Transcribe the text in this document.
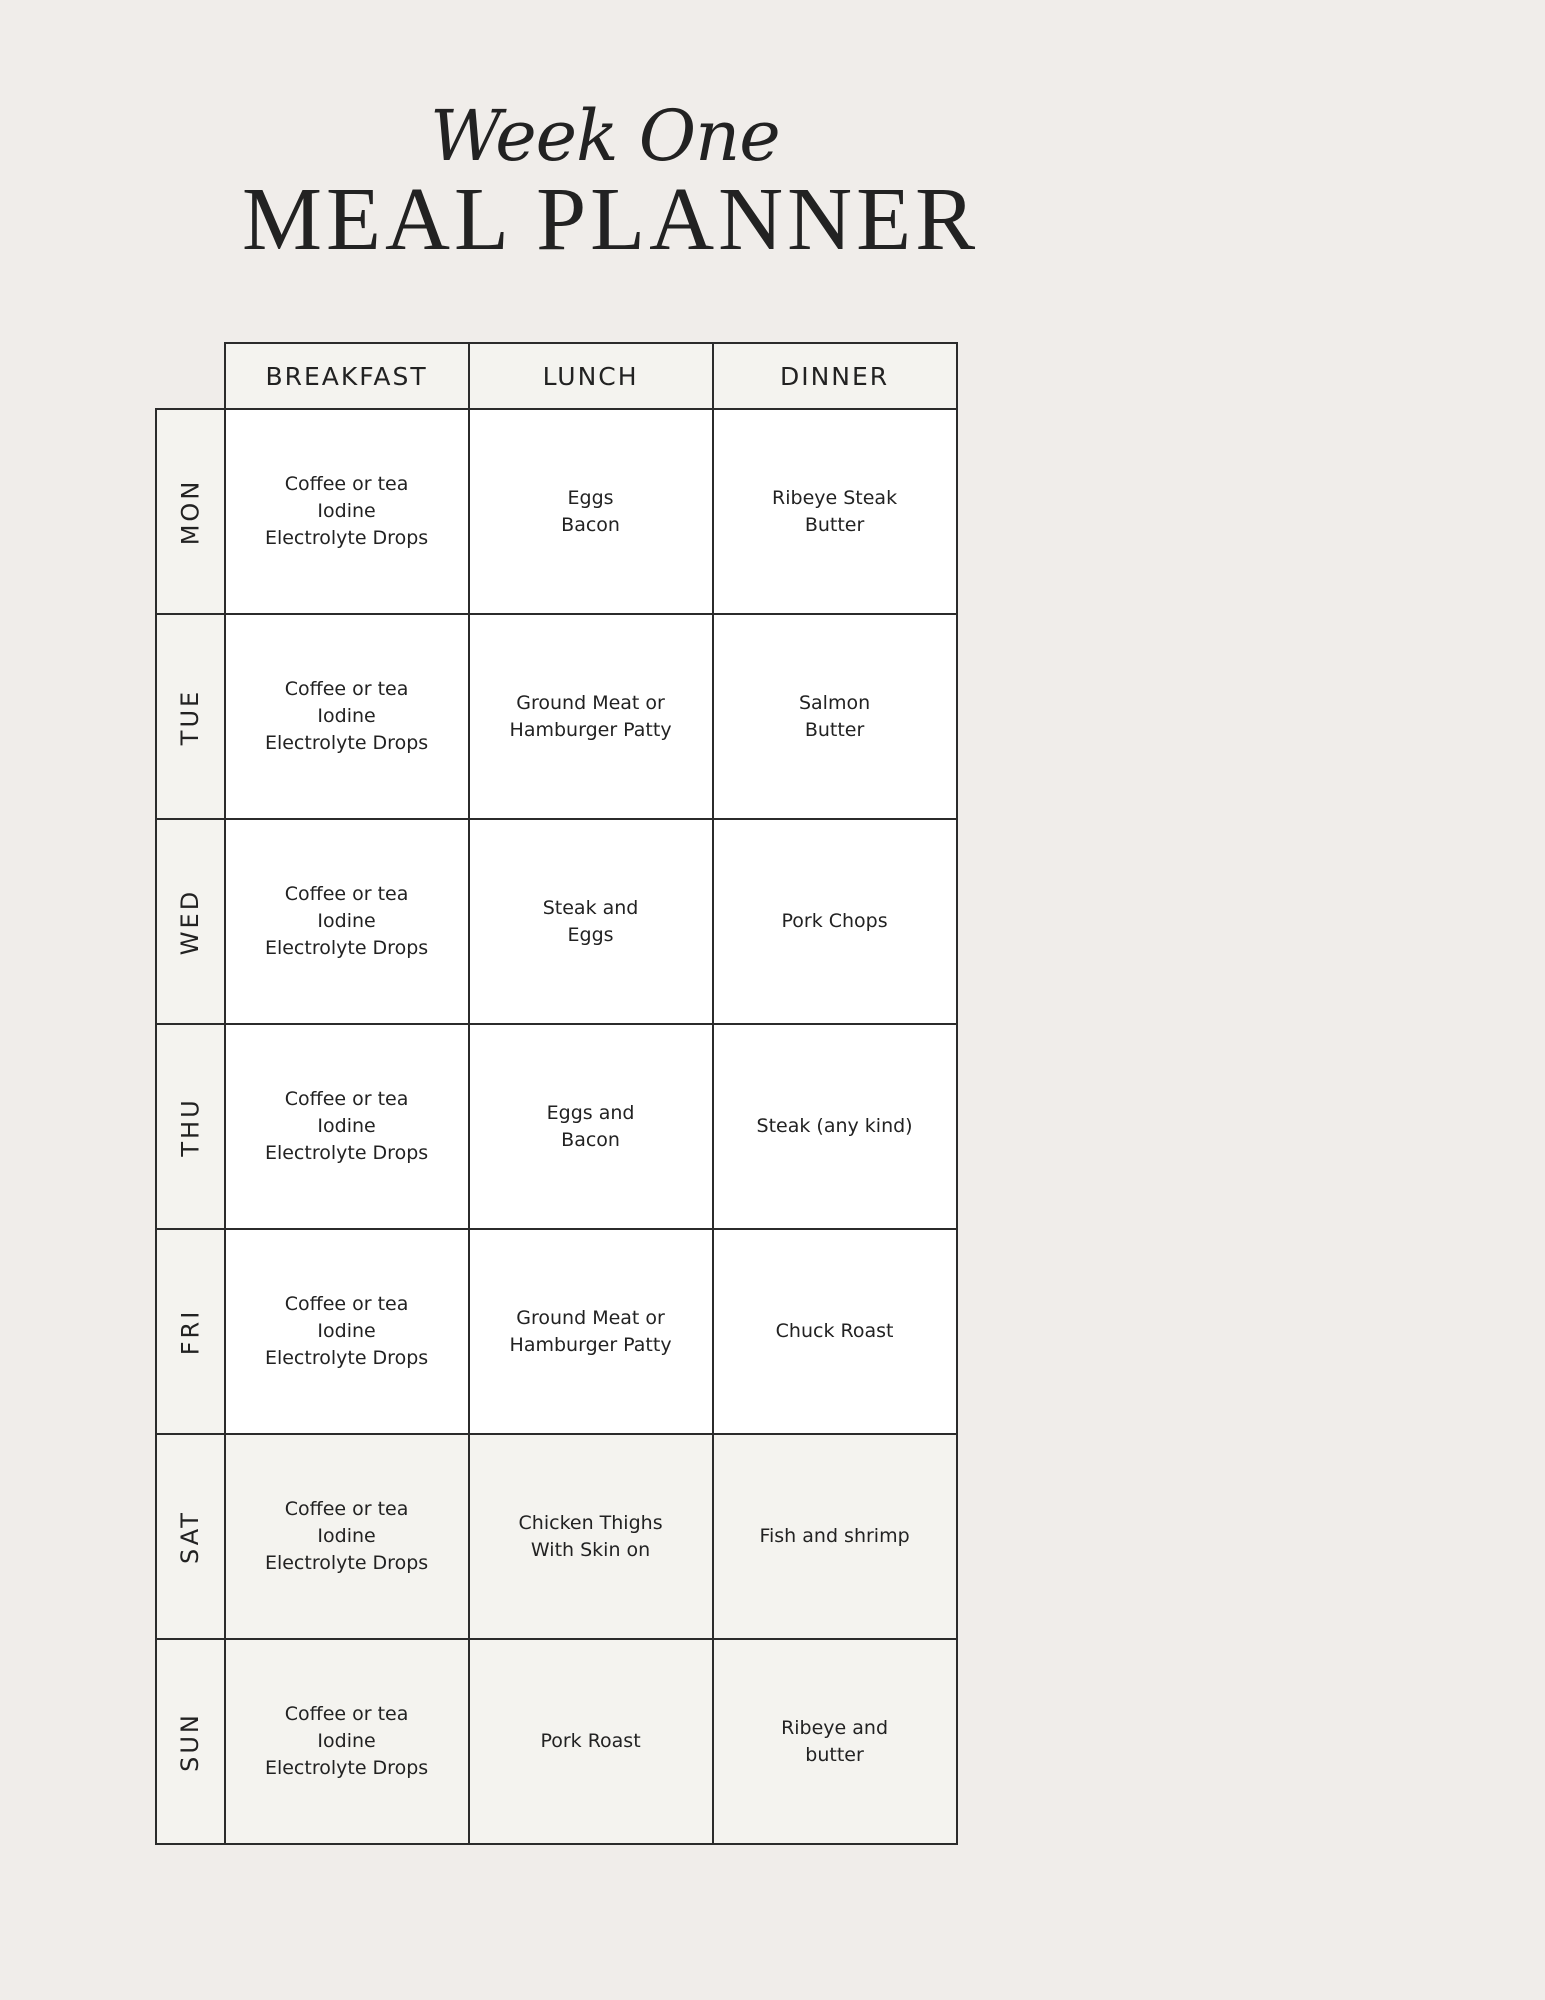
Week One
MEAL PLANNER
	BREAKFAST	LUNCH	DINNER
MON	Coffee or tea
Iodine
Electrolyte Drops	Eggs
Bacon	Ribeye Steak
Butter
TUE	Coffee or tea
Iodine
Electrolyte Drops	Ground Meat or
Hamburger Patty	Salmon
Butter
WED	Coffee or tea
Iodine
Electrolyte Drops	Steak and
Eggs	Pork Chops
THU	Coffee or tea
Iodine
Electrolyte Drops	Eggs and
Bacon	Steak (any kind)
FRI	Coffee or tea
Iodine
Electrolyte Drops	Ground Meat or
Hamburger Patty	Chuck Roast
SAT	Coffee or tea
Iodine
Electrolyte Drops	Chicken Thighs
With Skin on	Fish and shrimp
SUN	Coffee or tea
Iodine
Electrolyte Drops	Pork Roast	Ribeye and
butter
